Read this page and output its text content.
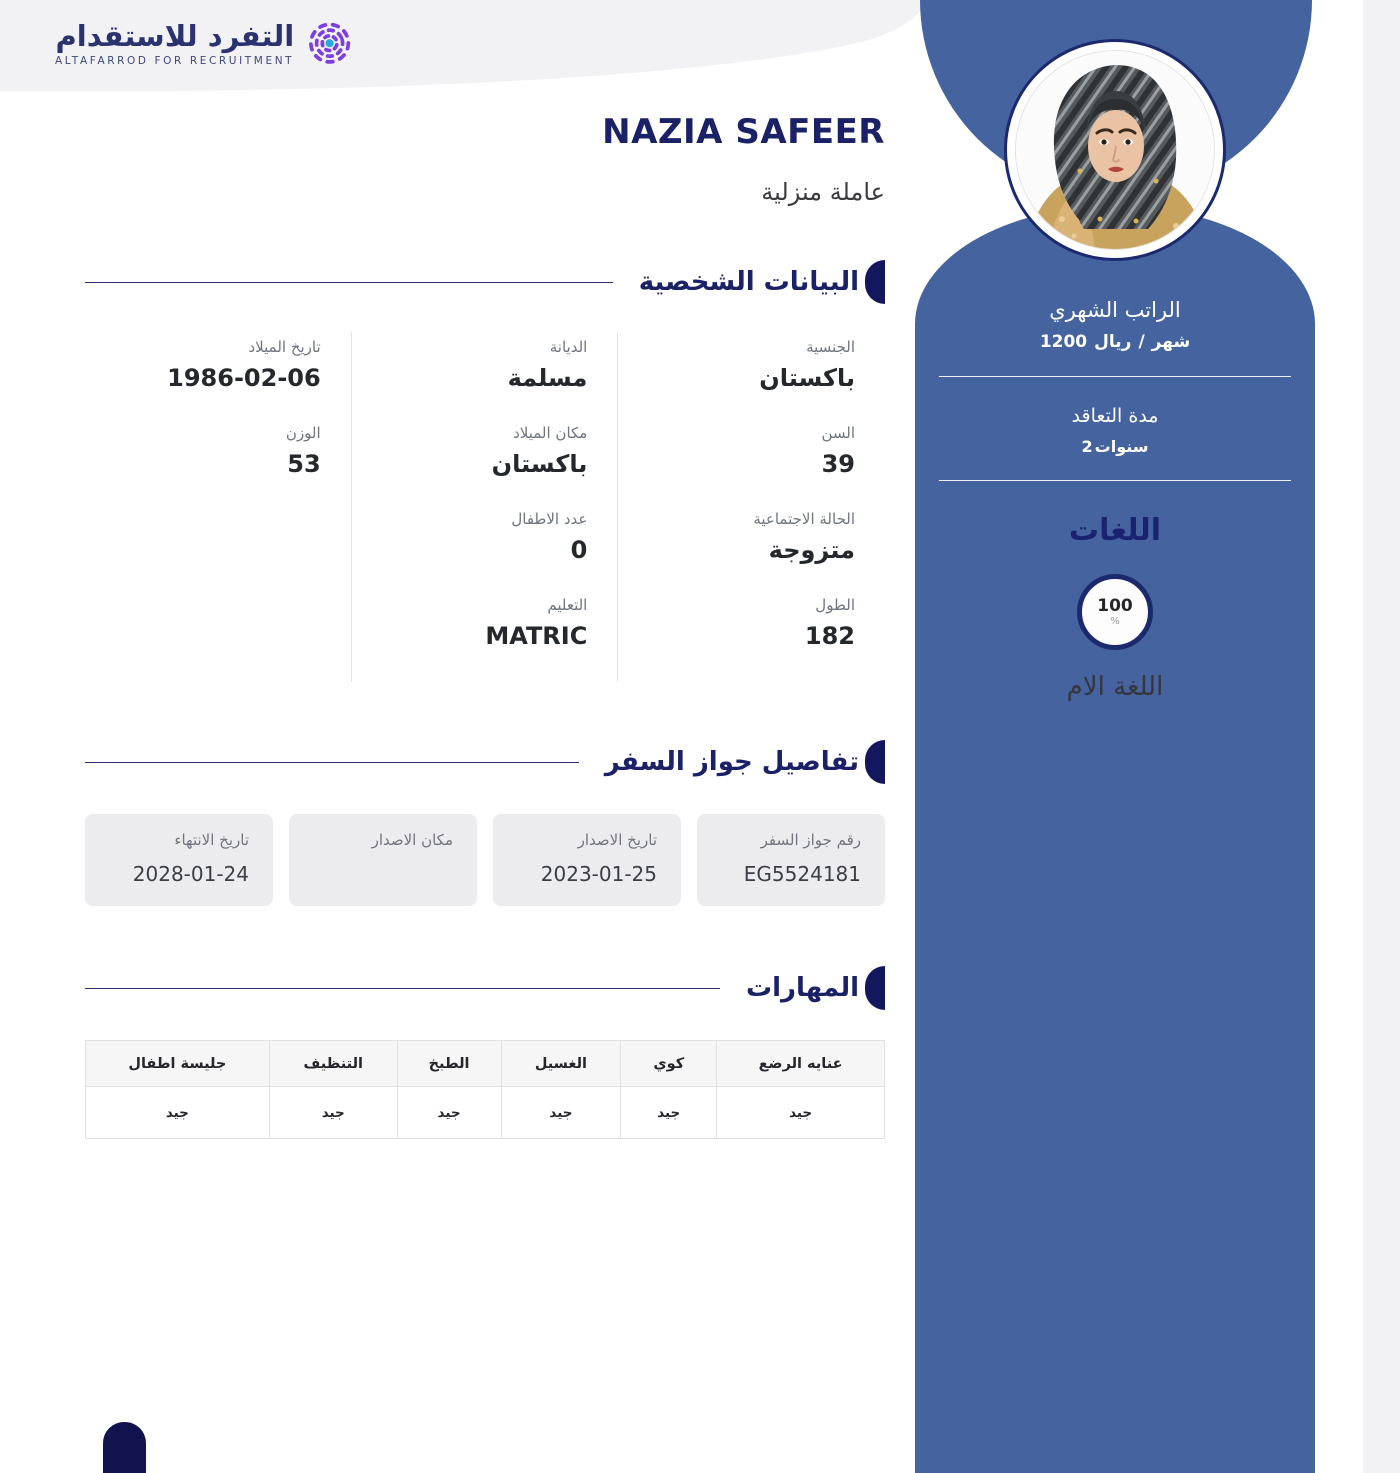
التفرد للاستقدام
ALTAFARROD FOR RECRUITMENT
NAZIA SAFEER
عاملة منزلية
البيانات الشخصية
الجنسية
باكستان
السن
39
الحالة الاجتماعية
متزوجة
الطول
182
الديانة
مسلمة
مكان الميلاد
باكستان
عدد الاطفال
0
التعليم
MATRIC
تاريخ الميلاد
1986-02-06
الوزن
53
تفاصيل جواز السفر
رقم جواز السفر
EG5524181
تاريخ الاصدار
2023-01-25
مكان الاصدار
تاريخ الانتهاء
2028-01-24
المهارات
عنايه الرضع	كوي	الغسيل	الطبخ	التنظيف	جليسة اطفال
جيد	جيد	جيد	جيد	جيد	جيد
الراتب الشهري
1200 ريال / شهر
مدة التعاقد
2 سنوات
اللغات
100
%
اللغة الام
